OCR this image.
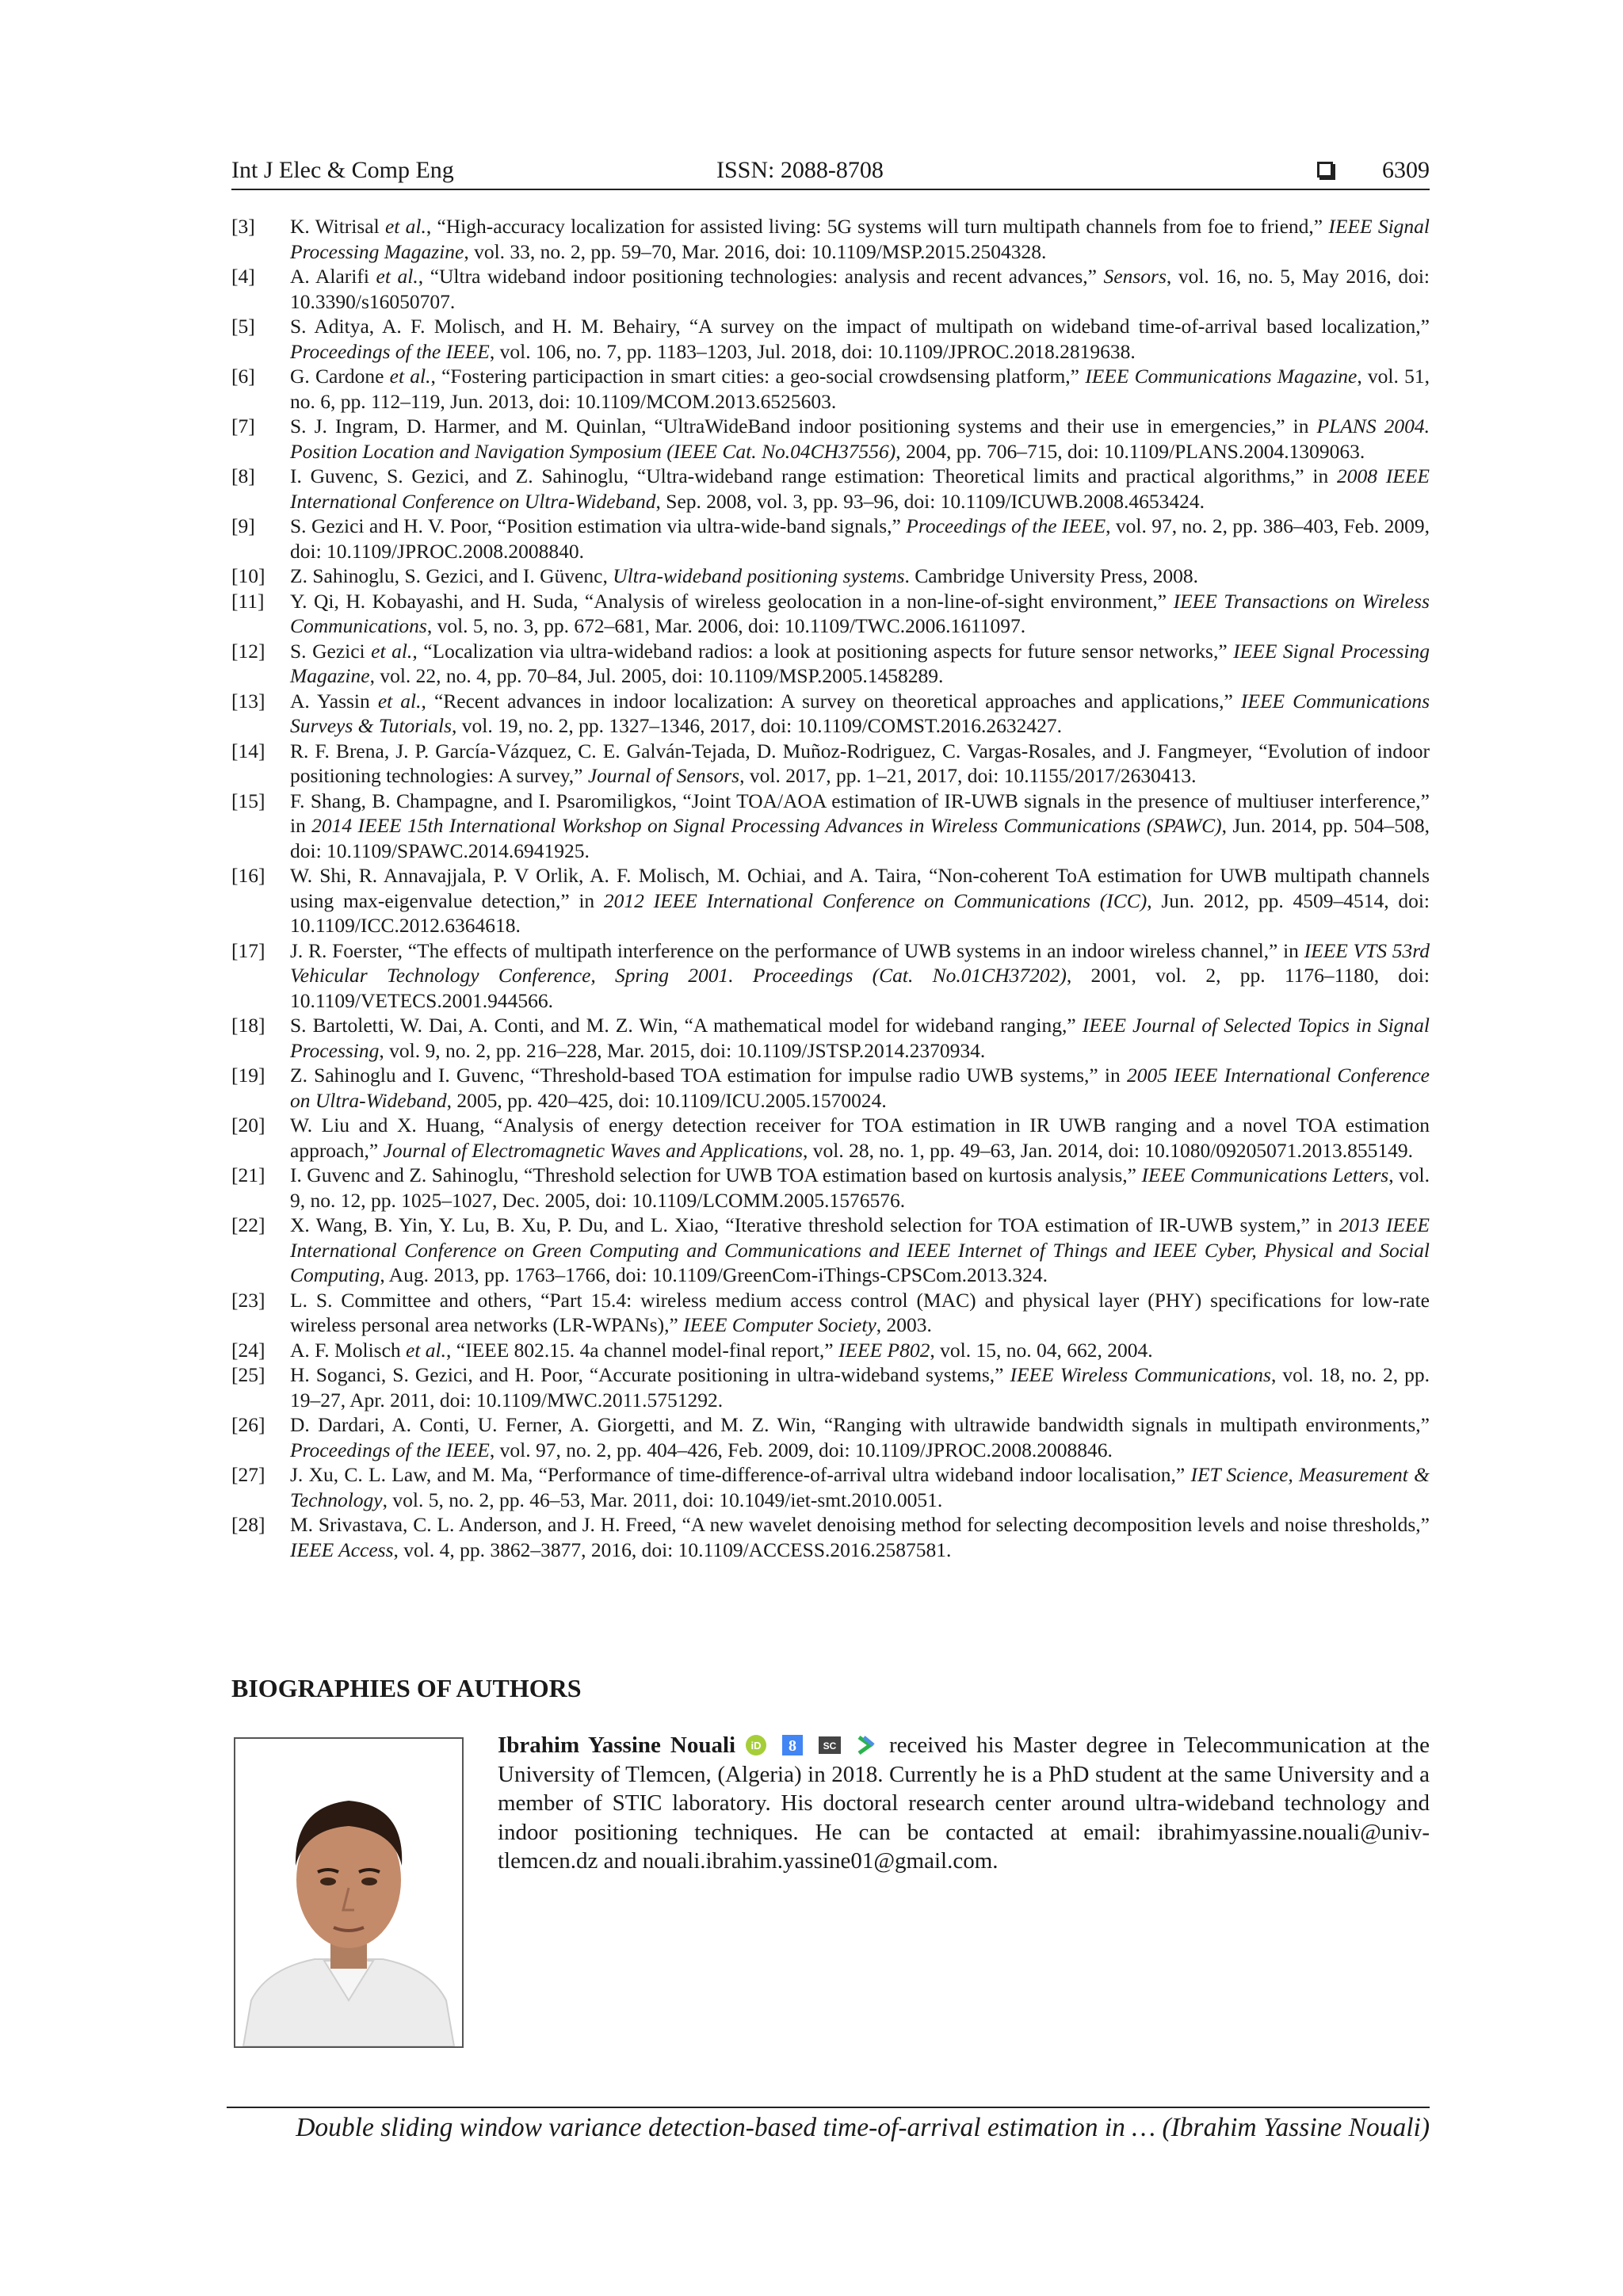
Int J Elec & Comp Eng	ISSN: 2088-8708	6309
[3] K. Witrisal et al., “High-accuracy localization for assisted living: 5G systems will turn multipath channels from foe to friend,” IEEE Signal Processing Magazine, vol. 33, no. 2, pp. 59–70, Mar. 2016, doi: 10.1109/MSP.2015.2504328.
[4] A. Alarifi et al., “Ultra wideband indoor positioning technologies: analysis and recent advances,” Sensors, vol. 16, no. 5, May 2016, doi: 10.3390/s16050707.
[5] S. Aditya, A. F. Molisch, and H. M. Behairy, “A survey on the impact of multipath on wideband time-of-arrival based localization,” Proceedings of the IEEE, vol. 106, no. 7, pp. 1183–1203, Jul. 2018, doi: 10.1109/JPROC.2018.2819638.
[6] G. Cardone et al., “Fostering participaction in smart cities: a geo-social crowdsensing platform,” IEEE Communications Magazine, vol. 51, no. 6, pp. 112–119, Jun. 2013, doi: 10.1109/MCOM.2013.6525603.
[7] S. J. Ingram, D. Harmer, and M. Quinlan, “UltraWideBand indoor positioning systems and their use in emergencies,” in PLANS 2004. Position Location and Navigation Symposium (IEEE Cat. No.04CH37556), 2004, pp. 706–715, doi: 10.1109/PLANS.2004.1309063.
[8] I. Guvenc, S. Gezici, and Z. Sahinoglu, “Ultra-wideband range estimation: Theoretical limits and practical algorithms,” in 2008 IEEE International Conference on Ultra-Wideband, Sep. 2008, vol. 3, pp. 93–96, doi: 10.1109/ICUWB.2008.4653424.
[9] S. Gezici and H. V. Poor, “Position estimation via ultra-wide-band signals,” Proceedings of the IEEE, vol. 97, no. 2, pp. 386–403, Feb. 2009, doi: 10.1109/JPROC.2008.2008840.
[10] Z. Sahinoglu, S. Gezici, and I. Güvenc, Ultra-wideband positioning systems. Cambridge University Press, 2008.
[11] Y. Qi, H. Kobayashi, and H. Suda, “Analysis of wireless geolocation in a non-line-of-sight environment,” IEEE Transactions on Wireless Communications, vol. 5, no. 3, pp. 672–681, Mar. 2006, doi: 10.1109/TWC.2006.1611097.
[12] S. Gezici et al., “Localization via ultra-wideband radios: a look at positioning aspects for future sensor networks,” IEEE Signal Processing Magazine, vol. 22, no. 4, pp. 70–84, Jul. 2005, doi: 10.1109/MSP.2005.1458289.
[13] A. Yassin et al., “Recent advances in indoor localization: A survey on theoretical approaches and applications,” IEEE Communications Surveys & Tutorials, vol. 19, no. 2, pp. 1327–1346, 2017, doi: 10.1109/COMST.2016.2632427.
[14] R. F. Brena, J. P. García-Vázquez, C. E. Galván-Tejada, D. Muñoz-Rodriguez, C. Vargas-Rosales, and J. Fangmeyer, “Evolution of indoor positioning technologies: A survey,” Journal of Sensors, vol. 2017, pp. 1–21, 2017, doi: 10.1155/2017/2630413.
[15] F. Shang, B. Champagne, and I. Psaromiligkos, “Joint TOA/AOA estimation of IR-UWB signals in the presence of multiuser interference,” in 2014 IEEE 15th International Workshop on Signal Processing Advances in Wireless Communications (SPAWC), Jun. 2014, pp. 504–508, doi: 10.1109/SPAWC.2014.6941925.
[16] W. Shi, R. Annavajjala, P. V Orlik, A. F. Molisch, M. Ochiai, and A. Taira, “Non-coherent ToA estimation for UWB multipath channels using max-eigenvalue detection,” in 2012 IEEE International Conference on Communications (ICC), Jun. 2012, pp. 4509–4514, doi: 10.1109/ICC.2012.6364618.
[17] J. R. Foerster, “The effects of multipath interference on the performance of UWB systems in an indoor wireless channel,” in IEEE VTS 53rd Vehicular Technology Conference, Spring 2001. Proceedings (Cat. No.01CH37202), 2001, vol. 2, pp. 1176–1180, doi: 10.1109/VETECS.2001.944566.
[18] S. Bartoletti, W. Dai, A. Conti, and M. Z. Win, “A mathematical model for wideband ranging,” IEEE Journal of Selected Topics in Signal Processing, vol. 9, no. 2, pp. 216–228, Mar. 2015, doi: 10.1109/JSTSP.2014.2370934.
[19] Z. Sahinoglu and I. Guvenc, “Threshold-based TOA estimation for impulse radio UWB systems,” in 2005 IEEE International Conference on Ultra-Wideband, 2005, pp. 420–425, doi: 10.1109/ICU.2005.1570024.
[20] W. Liu and X. Huang, “Analysis of energy detection receiver for TOA estimation in IR UWB ranging and a novel TOA estimation approach,” Journal of Electromagnetic Waves and Applications, vol. 28, no. 1, pp. 49–63, Jan. 2014, doi: 10.1080/09205071.2013.855149.
[21] I. Guvenc and Z. Sahinoglu, “Threshold selection for UWB TOA estimation based on kurtosis analysis,” IEEE Communications Letters, vol. 9, no. 12, pp. 1025–1027, Dec. 2005, doi: 10.1109/LCOMM.2005.1576576.
[22] X. Wang, B. Yin, Y. Lu, B. Xu, P. Du, and L. Xiao, “Iterative threshold selection for TOA estimation of IR-UWB system,” in 2013 IEEE International Conference on Green Computing and Communications and IEEE Internet of Things and IEEE Cyber, Physical and Social Computing, Aug. 2013, pp. 1763–1766, doi: 10.1109/GreenCom-iThings-CPSCom.2013.324.
[23] L. S. Committee and others, “Part 15.4: wireless medium access control (MAC) and physical layer (PHY) specifications for low-rate wireless personal area networks (LR-WPANs),” IEEE Computer Society, 2003.
[24] A. F. Molisch et al., “IEEE 802.15. 4a channel model-final report,” IEEE P802, vol. 15, no. 04, 662, 2004.
[25] H. Soganci, S. Gezici, and H. Poor, “Accurate positioning in ultra-wideband systems,” IEEE Wireless Communications, vol. 18, no. 2, pp. 19–27, Apr. 2011, doi: 10.1109/MWC.2011.5751292.
[26] D. Dardari, A. Conti, U. Ferner, A. Giorgetti, and M. Z. Win, “Ranging with ultrawide bandwidth signals in multipath environments,” Proceedings of the IEEE, vol. 97, no. 2, pp. 404–426, Feb. 2009, doi: 10.1109/JPROC.2008.2008846.
[27] J. Xu, C. L. Law, and M. Ma, “Performance of time-difference-of-arrival ultra wideband indoor localisation,” IET Science, Measurement & Technology, vol. 5, no. 2, pp. 46–53, Mar. 2011, doi: 10.1049/iet-smt.2010.0051.
[28] M. Srivastava, C. L. Anderson, and J. H. Freed, “A new wavelet denoising method for selecting decomposition levels and noise thresholds,” IEEE Access, vol. 4, pp. 3862–3877, 2016, doi: 10.1109/ACCESS.2016.2587581.
BIOGRAPHIES OF AUTHORS
Ibrahim Yassine Nouali iD
8
	SC received his Master degree in Telecommunication at the University of Tlemcen, (Algeria) in 2018. Currently he is a PhD student at the same University and a member of STIC laboratory. His doctoral research center around ultra-wideband technology and indoor positioning techniques. He can be contacted at email: ibrahimyassine.nouali@univ-tlemcen.dz and nouali.ibrahim.yassine01@gmail.com.
Double sliding window variance detection-based time-of-arrival estimation in … (Ibrahim Yassine Nouali)
